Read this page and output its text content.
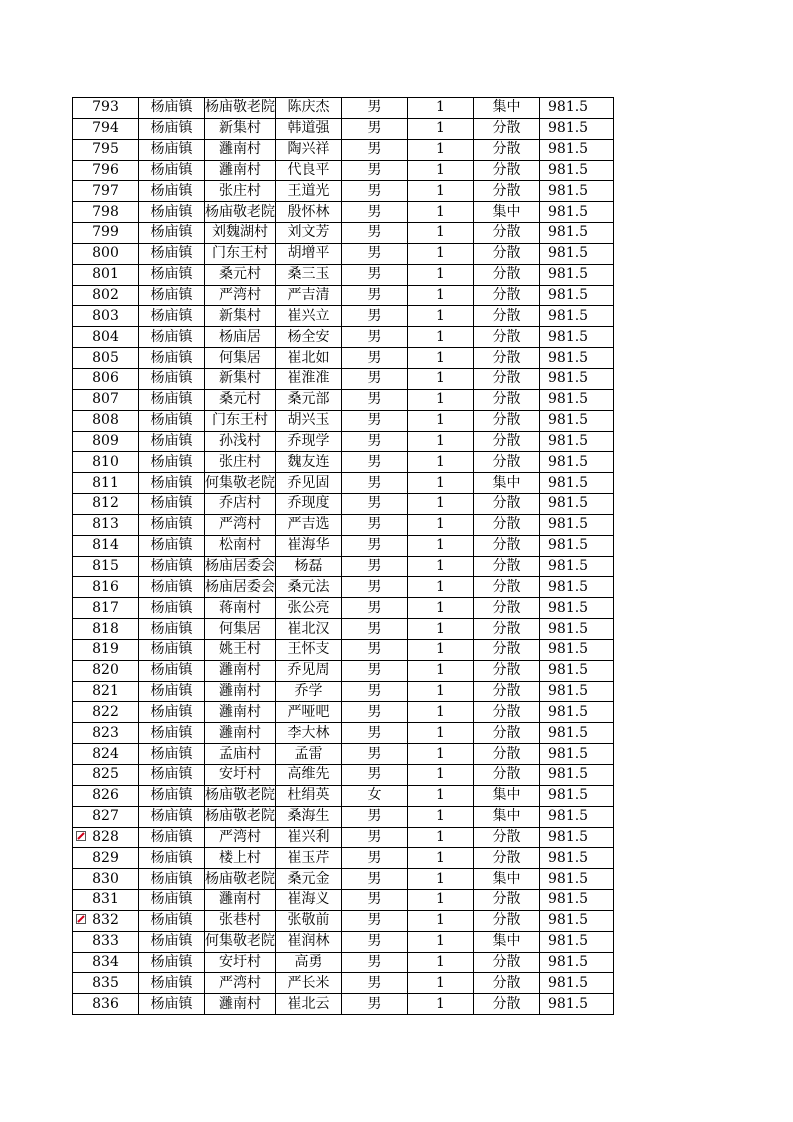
793	杨庙镇	杨庙敬老院	陈庆杰	男	1	集中	981.5
794	杨庙镇	新集村	韩道强	男	1	分散	981.5
795	杨庙镇	灉南村	陶兴祥	男	1	分散	981.5
796	杨庙镇	灉南村	代良平	男	1	分散	981.5
797	杨庙镇	张庄村	王道光	男	1	分散	981.5
798	杨庙镇	杨庙敬老院	殷怀林	男	1	集中	981.5
799	杨庙镇	刘魏湖村	刘文芳	男	1	分散	981.5
800	杨庙镇	门东王村	胡增平	男	1	分散	981.5
801	杨庙镇	桑元村	桑三玉	男	1	分散	981.5
802	杨庙镇	严湾村	严吉清	男	1	分散	981.5
803	杨庙镇	新集村	崔兴立	男	1	分散	981.5
804	杨庙镇	杨庙居	杨全安	男	1	分散	981.5
805	杨庙镇	何集居	崔北如	男	1	分散	981.5
806	杨庙镇	新集村	崔淮准	男	1	分散	981.5
807	杨庙镇	桑元村	桑元部	男	1	分散	981.5
808	杨庙镇	门东王村	胡兴玉	男	1	分散	981.5
809	杨庙镇	孙浅村	乔现学	男	1	分散	981.5
810	杨庙镇	张庄村	魏友连	男	1	分散	981.5
811	杨庙镇	何集敬老院	乔见固	男	1	集中	981.5
812	杨庙镇	乔店村	乔现度	男	1	分散	981.5
813	杨庙镇	严湾村	严吉选	男	1	分散	981.5
814	杨庙镇	松南村	崔海华	男	1	分散	981.5
815	杨庙镇	杨庙居委会	杨磊	男	1	分散	981.5
816	杨庙镇	杨庙居委会	桑元法	男	1	分散	981.5
817	杨庙镇	蒋南村	张公亮	男	1	分散	981.5
818	杨庙镇	何集居	崔北汉	男	1	分散	981.5
819	杨庙镇	姚王村	王怀支	男	1	分散	981.5
820	杨庙镇	灉南村	乔见周	男	1	分散	981.5
821	杨庙镇	灉南村	乔学	男	1	分散	981.5
822	杨庙镇	灉南村	严哑吧	男	1	分散	981.5
823	杨庙镇	灉南村	李大林	男	1	分散	981.5
824	杨庙镇	孟庙村	孟雷	男	1	分散	981.5
825	杨庙镇	安圩村	高维先	男	1	分散	981.5
826	杨庙镇	杨庙敬老院	杜绢英	女	1	集中	981.5
827	杨庙镇	杨庙敬老院	桑海生	男	1	集中	981.5
828	杨庙镇	严湾村	崔兴利	男	1	分散	981.5
829	杨庙镇	楼上村	崔玉芹	男	1	分散	981.5
830	杨庙镇	杨庙敬老院	桑元金	男	1	集中	981.5
831	杨庙镇	灉南村	崔海义	男	1	分散	981.5
832	杨庙镇	张巷村	张敬前	男	1	分散	981.5
833	杨庙镇	何集敬老院	崔润林	男	1	集中	981.5
834	杨庙镇	安圩村	高勇	男	1	分散	981.5
835	杨庙镇	严湾村	严长米	男	1	分散	981.5
836	杨庙镇	灉南村	崔北云	男	1	分散	981.5
